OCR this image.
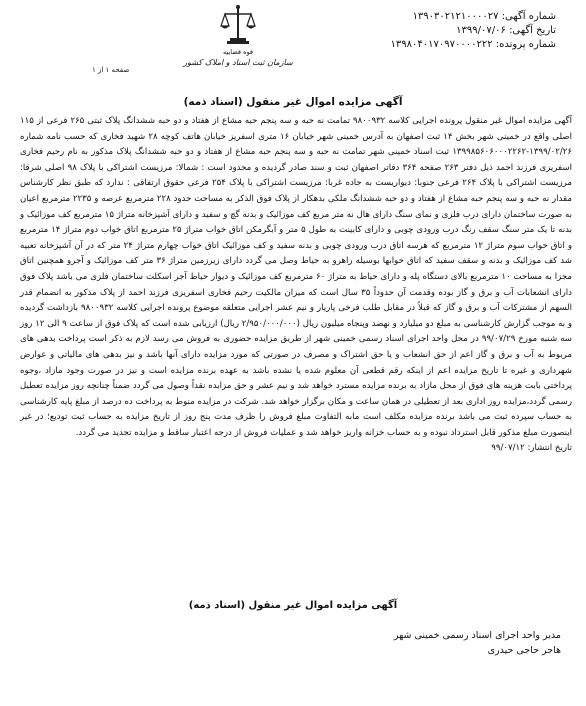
شماره آگهی: ۱۳۹۰۳۰۲۱۲۱۰۰۰۰۲۷
تاریخ آگهی: ۱۳۹۹/۰۷/۰۶
شماره پرونده: ۱۳۹۸۰۴۰۱۷۰۹۷۰۰۰۰۲۲۲
قوه قضاییه
سازمان ثبت اسناد و املاک کشور
صفحه ۱ از ۱
آگهی مزایده اموال غیر منقول (اسناد ذمه)

آگهی مزایده اموال غیر منقول پرونده اجرایی کلاسه ۹۸۰۰۹۳۲ تمامت نه حبه و سه پنجم حبه مشاع از هفتاد و دو حبه ششدانگ پلاک ثبتی ۲۶۵ فرعی از ۱۱۵ اصلی واقع در خمینی شهر بخش ۱۴ ثبت اصفهان به آدرس خمینی شهر خیابان ۱۶ متری اسفریز خیابان هاتف کوچه ۲۸ شهید فخاری که حسب نامه شماره ۱۳۹۹/۰۲/۲۶-۱۳۹۹۸۵۶۰۶۰۰۰۲۲۶۲ ثبت اسناد خمینی شهر تمامت نه حبه و سه پنجم حبه مشاع از هفتاد و دو حبه ششدانگ پلاک مذکور به نام رحیم فخاری اسفریزی فرزند احمد ذیل دفتر ۲۶۳ صفحه ۳۶۴ دفاتر اصفهان ثبت و سند صادر گردیده و محدود است : شمالا: مرزیست اشتراکی با پلاک ۹۸ اصلی شرقا: مرزیست اشتراکی با پلاک ۲۶۴ فرعی جنوبا: دیواریست به جاده غربا: مرزیست اشتراکی با پلاک ۲۵۴ فرعی حقوق ارتفاقی : ندارد که طبق نظر کارشناس مقدار نه حبه و سه پنجم حبه مشاع از هفتاد و دو حبه ششدانگ ملکی بدهکار از پلاک فوق الذکر به مساحت حدود ۲۲۸ مترمربع عرصه و ۲۲۳۵ مترمربع اعیان به صورت ساختمان دارای درب فلزی و نمای سنگ دارای هال نه متر مربع کف موزائیک و بدنه گچ و سفید و دارای آشپزخانه متراژ ۱۵ مترمربع کف موزائیک و بدنه تا یک متر سنگ سقف رنگ درب ورودی چوبی و دارای کابینت به طول ۵ متر و آبگرمکن اتاق خواب متراژ ۲۵ مترمربع اتاق خواب دوم متراژ ۱۴ مترمربع و اتاق خواب سوم متراژ ۱۲ مترمربع که هرسه اتاق درب ورودی چوبی و بدنه سفید و کف موزائیک اتاق خواب چهارم متراژ ۲۴ متر که در آن آشپزخانه تعبیه شد کف موزائیک و بدنه و سقف سفید که اتاق خوابها بوسیله راهرو به حیاط وصل می گردد دارای زیرزمین متراژ ۳۶ متر کف موزائیک و آجرو همچنین اتاق مجزا به مساحت ۱۰ مترمربع بالای دستگاه پله و دارای حیاط به متراژ ۶۰ مترمربع کف موزائیک و دیوار حیاط آجر اسکلت ساختمان فلزی می باشد پلاک فوق دارای انشعابات آب و برق و گاز بوده وقدمت آن حدوداً ۳۵ سال است که میزان مالکیت رحیم فخاری اسفریزی فرزند احمد از پلاک مذکور به انضمام قدر السهم از مشترکات آب و برق و گاز که قبلاً در مقابل طلب فرخی پاریار و نیم عشر اجرایی متعلقه موضوع پرونده اجرایی کلاسه ۹۸۰۰۹۳۲ بازداشت گردیده و به موجب گزارش کارشناسی به مبلغ دو میلیارد و نهصد وپنجاه میلیون ریال (۲/۹۵۰/۰۰۰/۰۰۰ ریال) ارزیابی شده است که پلاک فوق از ساعت ۹ الی ۱۲ روز سه شنبه مورخ ۹۹/۰۷/۲۹ در محل واحد اجرای اسناد رسمی خمینی شهر از طریق مزایده حضوری به فروش می رسد لازم به ذکر است پرداخت بدهی های مربوط به آب و برق و گاز اعم از حق انشعاب و یا حق اشتراک و مصرف در صورتی که مورد مزایده دارای آنها باشد و نیز بدهی های مالیاتی و عوارض شهرداری و غیره تا تاریخ مزایده اعم از اینکه رقم قطعی آن معلوم شده یا نشده باشد به عهده برنده مزایده است و نیز در صورت وجود مازاد ،وجوه پرداختی بابت هزینه های فوق از محل مازاد به برنده مزایده مسترد خواهد شد و نیم عشر و حق مزایده نقداً وصول می گردد ضمناً چنانچه روز مزایده تعطیل رسمی گردد،مزایده روز اداری بعد از تعطیلی در همان ساعت و مکان برگزار خواهد شد. شرکت در مزایده منوط به پرداخت ده درصد از مبلغ پایه کارشناسی به حساب سپرده ثبت می باشد برنده مزایده مکلف است مابه التفاوت مبلغ فروش را ظرف مدت پنج روز از تاریخ مزایده به حساب ثبت تودیع؛ در غیر اینصورت مبلغ مذکور قابل استرداد نبوده و به حساب خزانه واریز خواهد شد و عملیات فروش از درجه اعتبار ساقط و مزایده تجدید می گردد.

تاریخ انتشار: ۹۹/۰۷/۱۲

آگهی مزایده اموال غیر منقول (اسناد ذمه)
مدیر واحد اجرای اسناد رسمی خمینی شهر
هاجر حاجی حیدری
